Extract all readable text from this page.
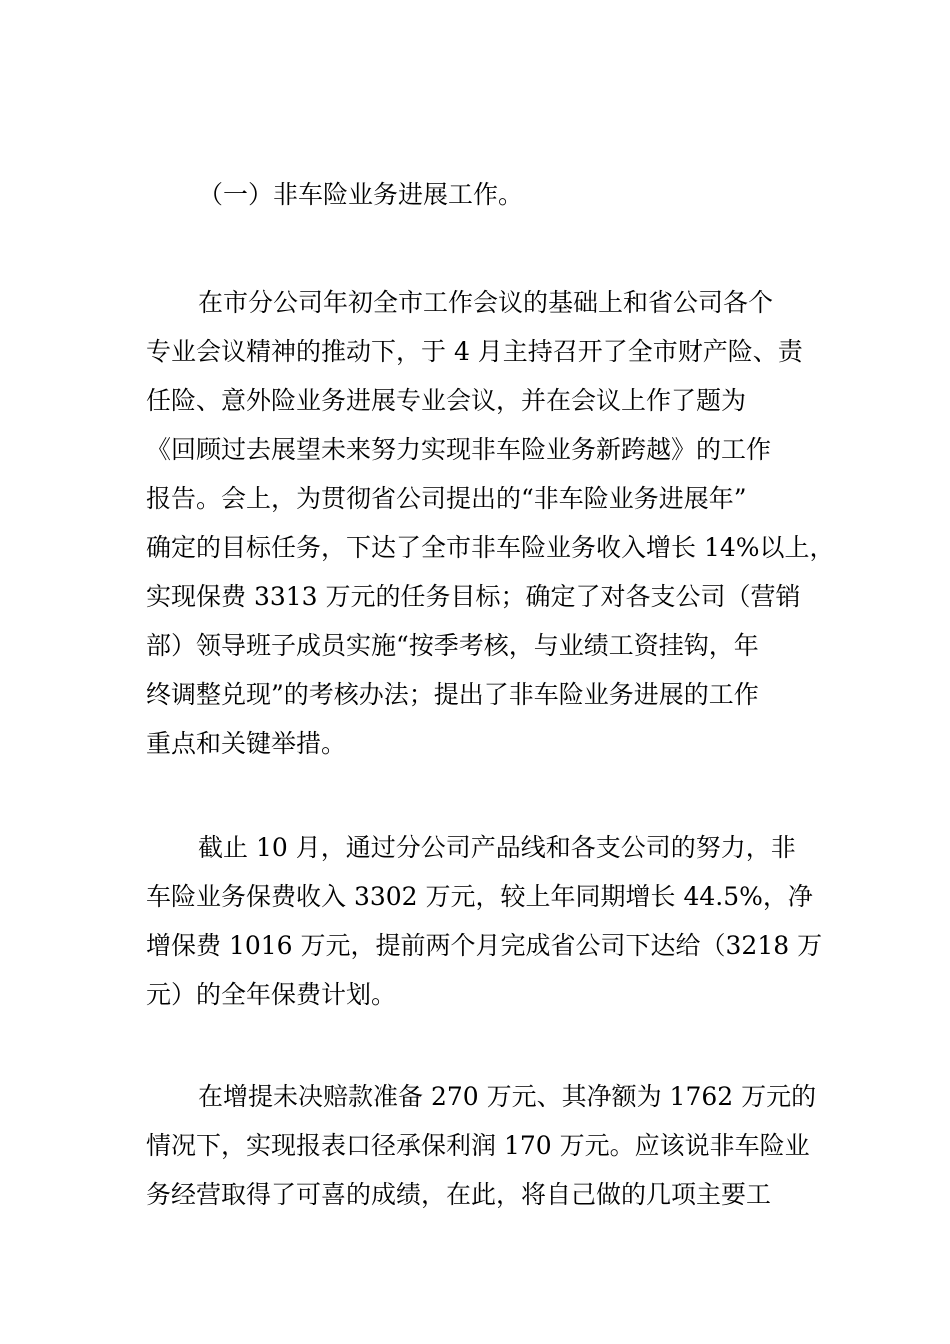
（一）非车险业务进展工作。
在市分公司年初全市工作会议的基础上和省公司各个
专业会议精神的推动下，于 4 月主持召开了全市财产险、责
任险、意外险业务进展专业会议，并在会议上作了题为
《回顾过去展望未来努力实现非车险业务新跨越》的工作
报告。会上，为贯彻省公司提出的“非车险业务进展年”
确定的目标任务，下达了全市非车险业务收入增长 14%以上，
实现保费 3313 万元的任务目标；确定了对各支公司（营销
部）领导班子成员实施“按季考核，与业绩工资挂钩，年
终调整兑现”的考核办法；提出了非车险业务进展的工作
重点和关键举措。
截止 10 月，通过分公司产品线和各支公司的努力，非
车险业务保费收入 3302 万元，较上年同期增长 44.5%，净
增保费 1016 万元，提前两个月完成省公司下达给（3218 万
元）的全年保费计划。
在增提未决赔款准备 270 万元、其净额为 1762 万元的
情况下，实现报表口径承保利润 170 万元。应该说非车险业
务经营取得了可喜的成绩，在此，将自己做的几项主要工
